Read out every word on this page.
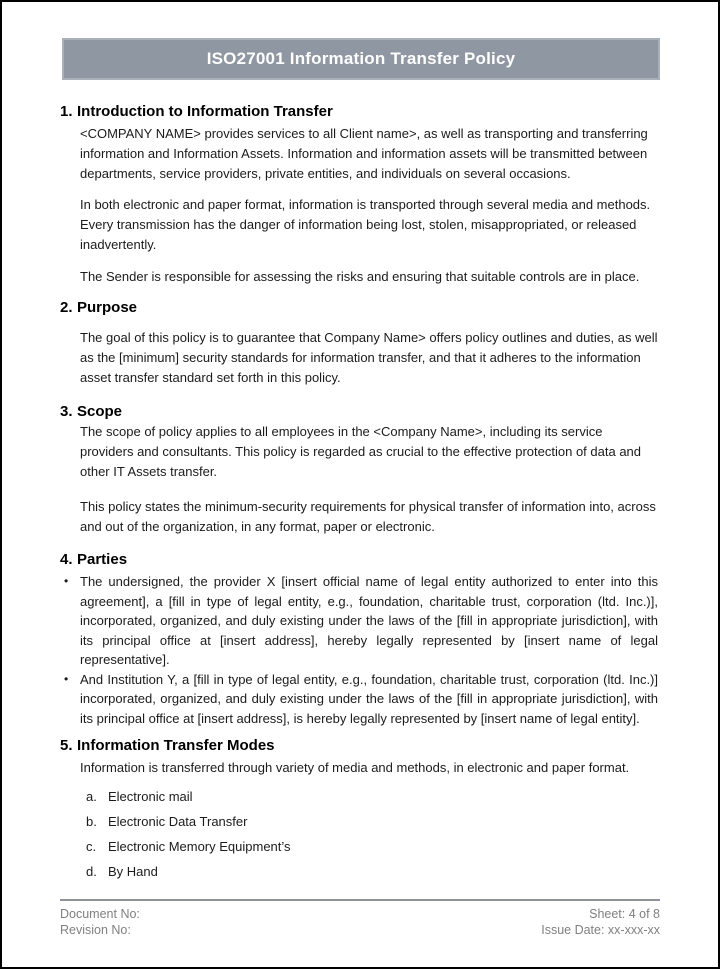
ISO27001 Information Transfer Policy
1. Introduction to Information Transfer

<COMPANY NAME> provides services to all Client name>, as well as transporting and transferring information and Information Assets. Information and information assets will be transmitted between departments, service providers, private entities, and individuals on several occasions.

In both electronic and paper format, information is transported through several media and methods. Every transmission has the danger of information being lost, stolen, misappropriated, or released inadvertently.

The Sender is responsible for assessing the risks and ensuring that suitable controls are in place.

2. Purpose

The goal of this policy is to guarantee that Company Name> offers policy outlines and duties, as well as the [minimum] security standards for information transfer, and that it adheres to the information asset transfer standard set forth in this policy.

3. Scope

The scope of policy applies to all employees in the <Company Name>, including its service providers and consultants. This policy is regarded as crucial to the effective protection of data and other IT Assets transfer.

This policy states the minimum-security requirements for physical transfer of information into, across and out of the organization, in any format, paper or electronic.

4. Parties
• The undersigned, the provider X [insert official name of legal entity authorized to enter into this agreement], a [fill in type of legal entity, e.g., foundation, charitable trust, corporation (ltd. Inc.)], incorporated, organized, and duly existing under the laws of the [fill in appropriate jurisdiction], with its principal office at [insert address], hereby legally represented by [insert name of legal representative].
• And Institution Y, a [fill in type of legal entity, e.g., foundation, charitable trust, corporation (ltd. Inc.)] incorporated, organized, and duly existing under the laws of the [fill in appropriate jurisdiction], with its principal office at [insert address], is hereby legally represented by [insert name of legal entity].
5. Information Transfer Modes

Information is transferred through variety of media and methods, in electronic and paper format.

a. Electronic mail
b. Electronic Data Transfer
c. Electronic Memory Equipment’s
d. By Hand
Document No:
Revision No:
Sheet: 4 of 8
Issue Date: xx-xxx-xx
